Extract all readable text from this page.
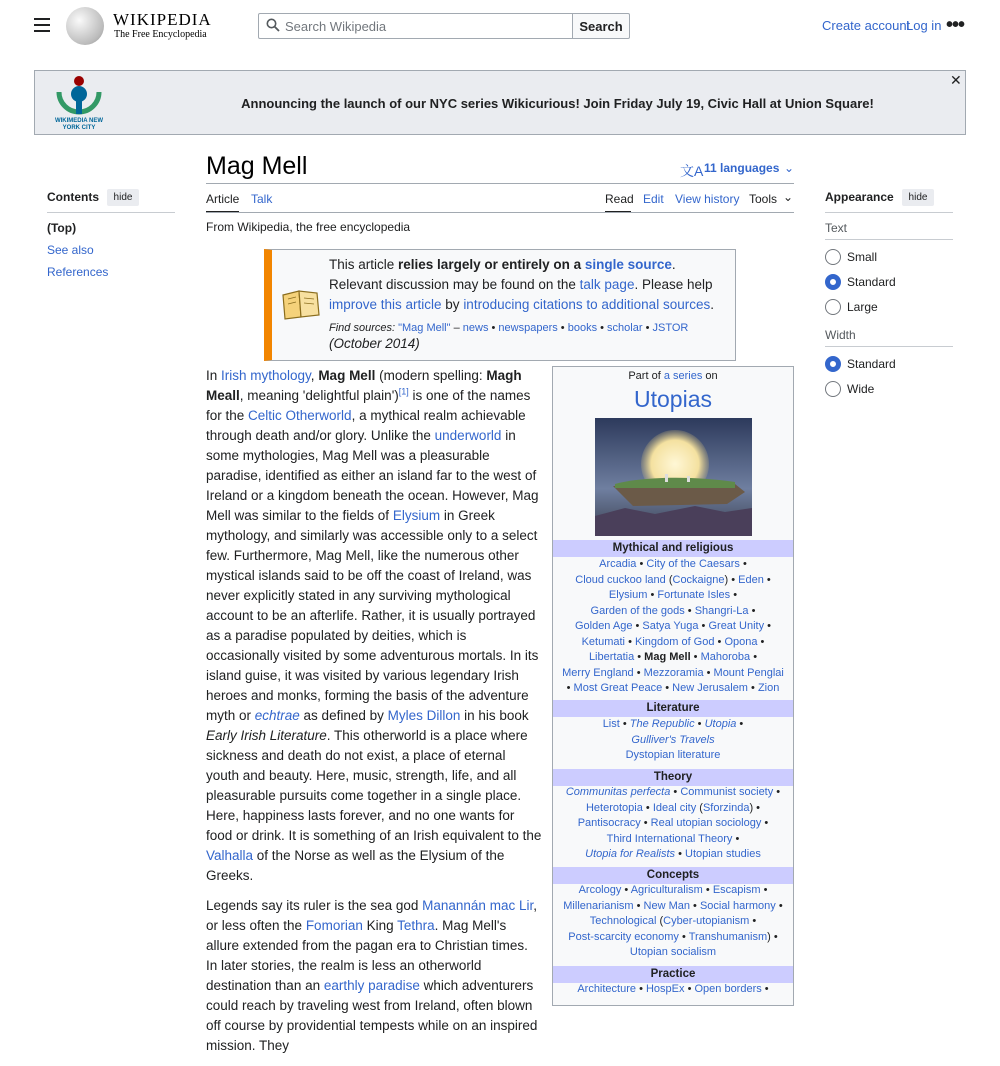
WIKIPEDIA
The Free Encyclopedia
Search Wikipedia
Search	Create account
Log in •••
WIKIMEDIA NEW YORK CITY
Announcing the launch of our NYC series Wikicurious! Join Friday July 19, Civic Hall at Union Square!
✕
Contents	hide
(Top)
See also
References
Mag Mell	文A 11 languages ⌄
Article Talk	Read Edit View history Tools ⌄
From Wikipedia, the free encyclopedia
Appearance	hide
Text
Small
Standard
Large
Width
Standard
Wide
This article relies largely or entirely on a single source. Relevant discussion may be found on the talk page. Please help improve this article by introducing citations to additional sources.
Find sources: "Mag Mell" – news • newspapers • books • scholar • JSTOR
(October 2014)

In Irish mythology, Mag Mell (modern spelling: Magh Meall, meaning 'delightful plain')[1] is one of the names for the Celtic Otherworld, a mythical realm achievable through death and/or glory. Unlike the underworld in some mythologies, Mag Mell was a pleasurable paradise, identified as either an island far to the west of Ireland or a kingdom beneath the ocean. However, Mag Mell was similar to the fields of Elysium in Greek mythology, and similarly was accessible only to a select few. Furthermore, Mag Mell, like the numerous other mystical islands said to be off the coast of Ireland, was never explicitly stated in any surviving mythological account to be an afterlife. Rather, it is usually portrayed as a paradise populated by deities, which is occasionally visited by some adventurous mortals. In its island guise, it was visited by various legendary Irish heroes and monks, forming the basis of the adventure myth or echtrae as defined by Myles Dillon in his book Early Irish Literature. This otherworld is a place where sickness and death do not exist, a place of eternal youth and beauty. Here, music, strength, life, and all pleasurable pursuits come together in a single place. Here, happiness lasts forever, and no one wants for food or drink. It is something of an Irish equivalent to the Valhalla of the Norse as well as the Elysium of the Greeks.

Legends say its ruler is the sea god Manannán mac Lir, or less often the Fomorian King Tethra. Mag Mell's allure extended from the pagan era to Christian times. In later stories, the realm is less an otherworld destination than an earthly paradise which adventurers could reach by traveling west from Ireland, often blown off course by providential tempests while on an inspired mission. They

Part of a series on
Utopias
Mythical and religious
Arcadia • City of the Caesars •
Cloud cuckoo land (Cockaigne) • Eden •
Elysium • Fortunate Isles •
Garden of the gods • Shangri-La •
Golden Age • Satya Yuga • Great Unity •
Ketumati • Kingdom of God • Opona •
Libertatia • Mag Mell • Mahoroba •
Merry England • Mezzoramia • Mount Penglai
• Most Great Peace • New Jerusalem • Zion
Literature
List • The Republic • Utopia •
Gulliver's Travels
Dystopian literature
Theory
Communitas perfecta • Communist society •
Heterotopia • Ideal city (Sforzinda) •
Pantisocracy • Real utopian sociology •
Third International Theory •
Utopia for Realists • Utopian studies
Concepts
Arcology • Agriculturalism • Escapism •
Millenarianism • New Man • Social harmony •
Technological (Cyber-utopianism •
Post-scarcity economy • Transhumanism) •
Utopian socialism
Practice
Architecture • HospEx • Open borders •
